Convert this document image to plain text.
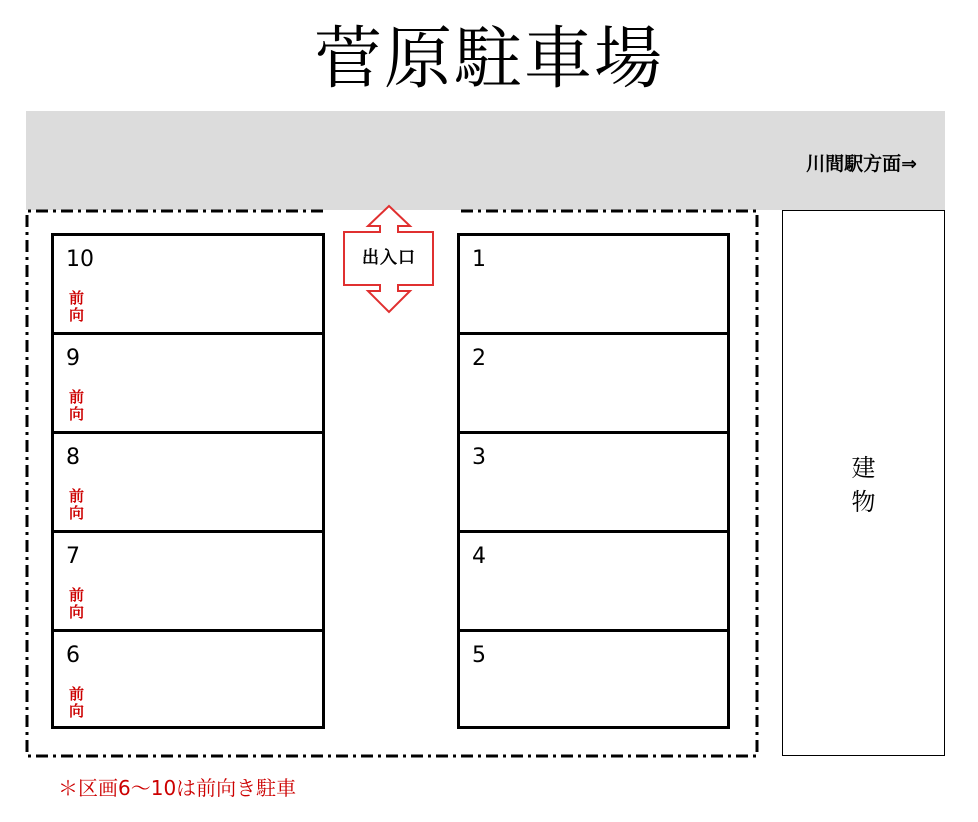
菅原駐車場
川間駅方面⇒
出入口
10
前向
9
前向
8
前向
7
前向
6
前向
1
2
3
4
5
建
物
＊区画6〜10は前向き駐車
